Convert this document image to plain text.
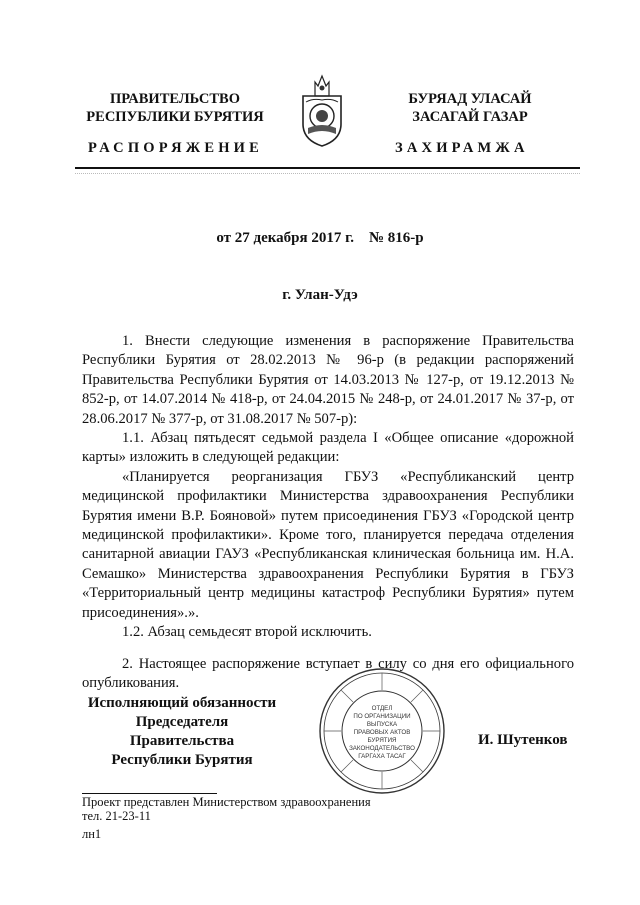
ПРАВИТЕЛЬСТВО
РЕСПУБЛИКИ БУРЯТИЯ
БУРЯАД УЛАСАЙ
ЗАСАГАЙ ГАЗАР
РАСПОРЯЖЕНИЕ	ЗАХИРАМЖА
от 27 декабря 2017 г.    № 816-р
г. Улан-Удэ

1. Внести следующие изменения в распоряжение Правительства Республики Бурятия от 28.02.2013 № 96-р (в редакции распоряжений Правительства Республики Бурятия от 14.03.2013 № 127-р, от 19.12.2013 № 852-р, от 14.07.2014 № 418-р, от 24.04.2015 № 248-р, от 24.01.2017 № 37-р, от 28.06.2017 № 377-р, от 31.08.2017 № 507-р):

1.1. Абзац пятьдесят седьмой раздела I «Общее описание «дорожной карты» изложить в следующей редакции:

«Планируется реорганизация ГБУЗ «Республиканский центр медицинской профилактики Министерства здравоохранения Республики Бурятия имени В.Р. Бояновой» путем присоединения ГБУЗ «Городской центр медицинской профилактики». Кроме того, планируется передача отделения санитарной авиации ГАУЗ «Республиканская клиническая больница им. Н.А. Семашко» Министерства здравоохранения Республики Бурятия в ГБУЗ «Территориальный центр медицины катастроф Республики Бурятия» путем присоединения».».

1.2. Абзац семьдесят второй исключить.

2. Настоящее распоряжение вступает в силу со дня его официального опубликования.

Исполняющий обязанности
Председателя Правительства
Республики Бурятия
ОТДЕЛ
ПО ОРГАНИЗАЦИИ
ВЫПУСКА
ПРАВОВЫХ АКТОВ
БУРЯТИЯ
ЗАКОНОДАТЕЛЬСТВО
ГАРГАХА ТАСАГ
И. Шутенков
Проект представлен Министерством здравоохранения
тел. 21-23-11
лн1
